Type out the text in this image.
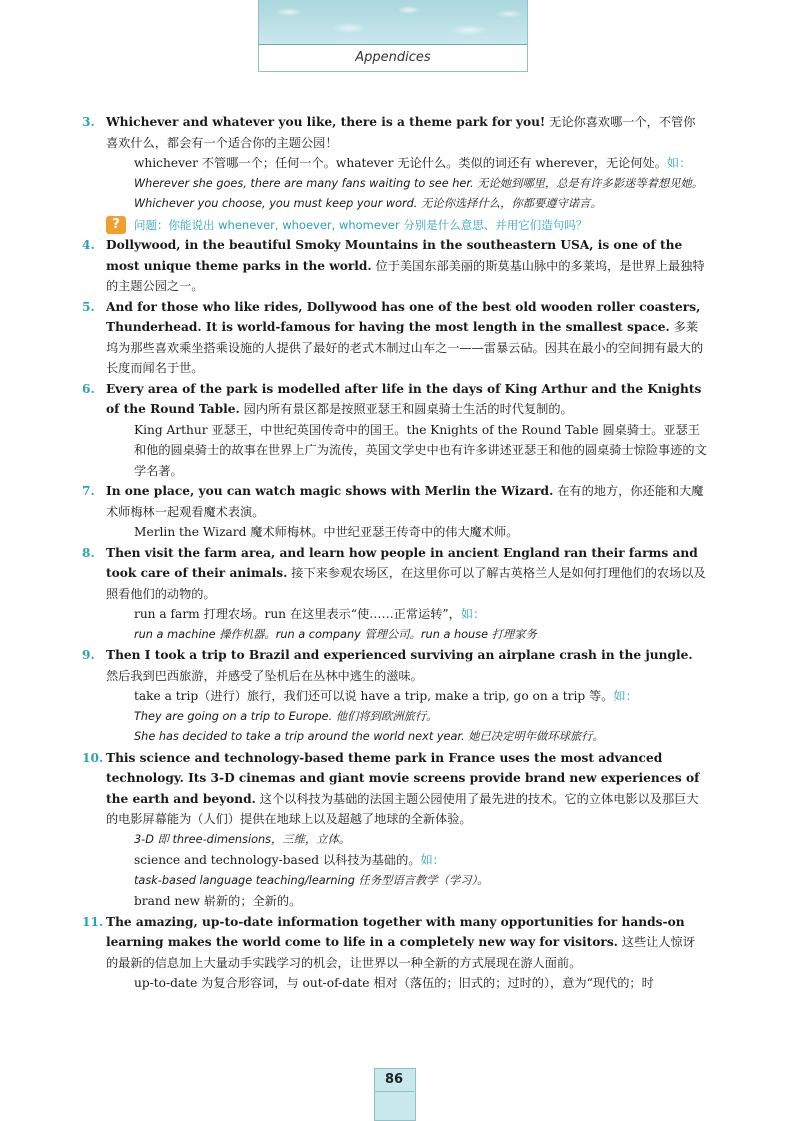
Appendices
3. Whichever and whatever you like, there is a theme park for you! 无论你喜欢哪一个，不管你喜欢什么，都会有一个适合你的主题公园！

whichever 不管哪一个；任何一个。whatever 无论什么。类似的词还有 wherever，无论何处。如：

Wherever she goes, there are many fans waiting to see her. 无论她到哪里，总是有许多影迷等着想见她。

Whichever you choose, you must keep your word. 无论你选择什么，你都要遵守诺言。

?	问题：你能说出 whenever, whoever, whomever 分别是什么意思、并用它们造句吗？

4. Dollywood, in the beautiful Smoky Mountains in the southeastern USA, is one of the most unique theme parks in the world. 位于美国东部美丽的斯莫基山脉中的多莱坞，是世界上最独特的主题公园之一。

5. And for those who like rides, Dollywood has one of the best old wooden roller coasters, Thunderhead. It is world-famous for having the most length in the smallest space. 多莱坞为那些喜欢乘坐搭乘设施的人提供了最好的老式木制过山车之一——雷暴云砧。因其在最小的空间拥有最大的长度而闻名于世。

6. Every area of the park is modelled after life in the days of King Arthur and the Knights of the Round Table. 园内所有景区都是按照亚瑟王和圆桌骑士生活的时代复制的。

King Arthur 亚瑟王，中世纪英国传奇中的国王。the Knights of the Round Table 圆桌骑士。亚瑟王和他的圆桌骑士的故事在世界上广为流传，英国文学史中也有许多讲述亚瑟王和他的圆桌骑士惊险事迹的文学名著。

7. In one place, you can watch magic shows with Merlin the Wizard. 在有的地方，你还能和大魔术师梅林一起观看魔术表演。

Merlin the Wizard 魔术师梅林。中世纪亚瑟王传奇中的伟大魔术师。

8. Then visit the farm area, and learn how people in ancient England ran their farms and took care of their animals. 接下来参观农场区，在这里你可以了解古英格兰人是如何打理他们的农场以及照看他们的动物的。

run a farm 打理农场。run 在这里表示“使……正常运转”，如：

run a machine 操作机器。run a company 管理公司。run a house 打理家务

9. Then I took a trip to Brazil and experienced surviving an airplane crash in the jungle. 然后我到巴西旅游，并感受了坠机后在丛林中逃生的滋味。

take a trip（进行）旅行，我们还可以说 have a trip, make a trip, go on a trip 等。如：

They are going on a trip to Europe. 他们将到欧洲旅行。

She has decided to take a trip around the world next year. 她已决定明年做环球旅行。

10. This science and technology-based theme park in France uses the most advanced technology. Its 3-D cinemas and giant movie screens provide brand new experiences of the earth and beyond. 这个以科技为基础的法国主题公园使用了最先进的技术。它的立体电影以及那巨大的电影屏幕能为（人们）提供在地球上以及超越了地球的全新体验。

3-D 即 three-dimensions，三维，立体。

science and technology-based 以科技为基础的。如：

task-based language teaching/learning 任务型语言教学（学习）。

brand new 崭新的；全新的。

11. The amazing, up-to-date information together with many opportunities for hands-on learning makes the world come to life in a completely new way for visitors. 这些让人惊讶的最新的信息加上大量动手实践学习的机会，让世界以一种全新的方式展现在游人面前。

up-to-date 为复合形容词，与 out-of-date 相对（落伍的；旧式的；过时的），意为“现代的；时

86
